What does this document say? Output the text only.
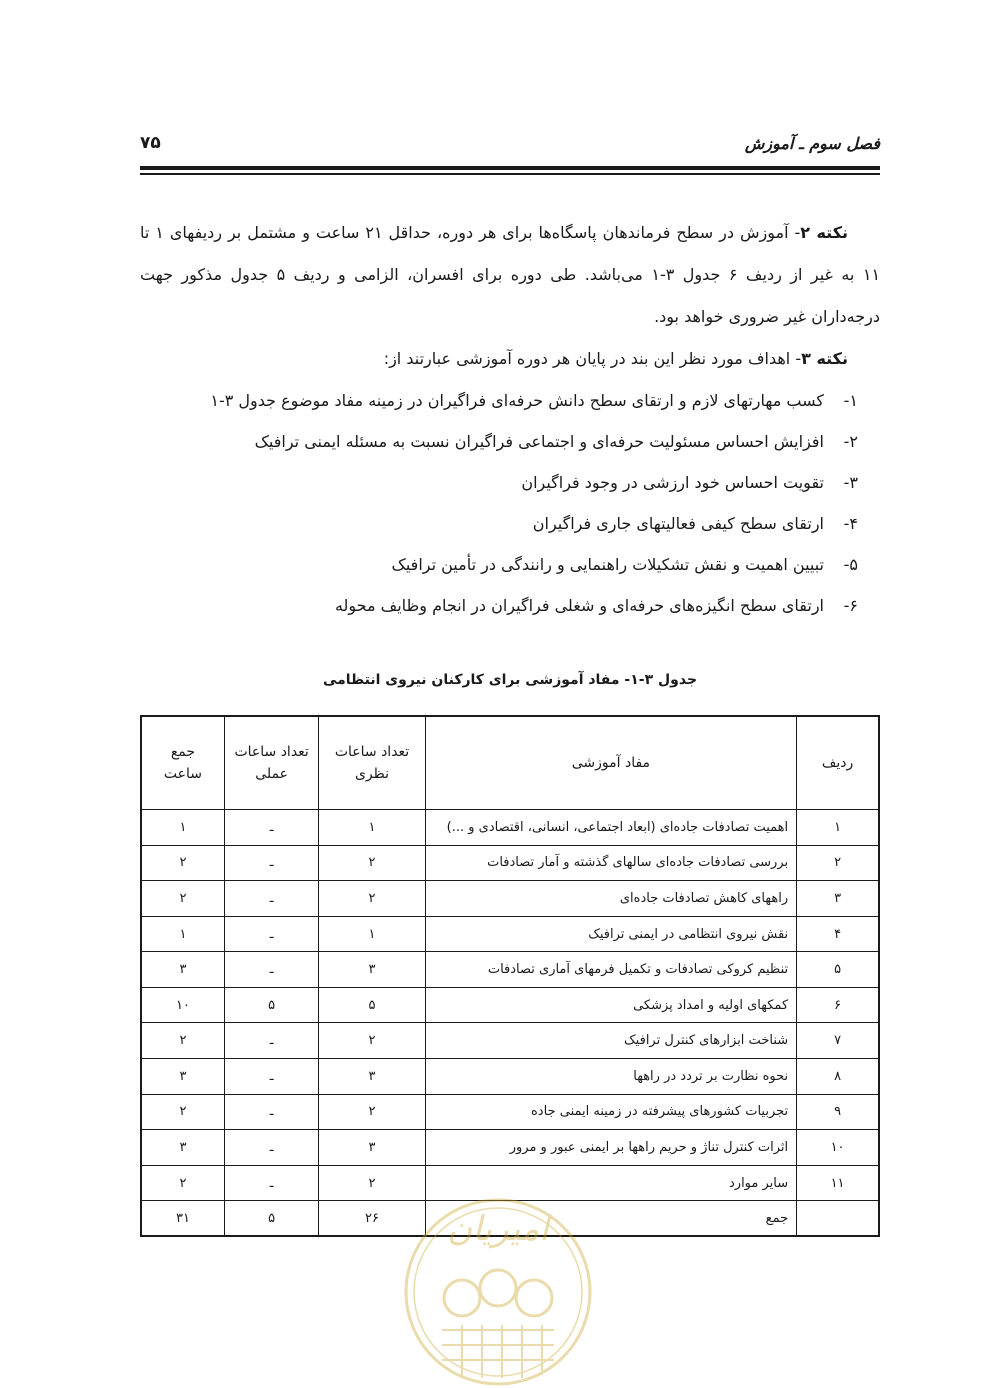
فصل سوم ـ آموزش
۷۵

نکته ۲- آموزش در سطح فرماندهان پاسگاه‌ها برای هر دوره، حداقل ۲۱ ساعت و مشتمل بر ردیفهای ۱ تا ۱۱ به غیر از ردیف ۶ جدول ۳-۱ می‌باشد. طی دوره برای افسران، الزامی و ردیف ۵ جدول مذکور جهت درجه‌داران غیر ضروری خواهد بود.

نکته ۳- اهداف مورد نظر این بند در پایان هر دوره آموزشی عبارتند از:

۱-کسب مهارتهای لازم و ارتقای سطح دانش حرفه‌ای فراگیران در زمینه مفاد موضوع جدول ۳-۱
۲-افزایش احساس مسئولیت حرفه‌ای و اجتماعی فراگیران نسبت به مسئله ایمنی ترافیک
۳-تقویت احساس خود ارزشی در وجود فراگیران
۴-ارتقای سطح کیفی فعالیتهای جاری فراگیران
۵-تبیین اهمیت و نقش تشکیلات راهنمایی و رانندگی در تأمین ترافیک
۶-ارتقای سطح انگیزه‌های حرفه‌ای و شغلی فراگیران در انجام وظایف محوله
جدول ۳-۱- مفاد آموزشی برای کارکنان نیروی انتظامی
ردیف	مفاد آموزشی	تعداد ساعات نظری	تعداد ساعات عملی	جمع ساعت
۱	اهمیت تصادفات جاده‌ای (ابعاد اجتماعی، انسانی، اقتصادی و ...)	۱	ـ	۱
۲	بررسی تصادفات جاده‌ای سالهای گذشته و آمار تصادفات	۲	ـ	۲
۳	راههای کاهش تصادفات جاده‌ای	۲	ـ	۲
۴	نقش نیروی انتظامی در ایمنی ترافیک	۱	ـ	۱
۵	تنظیم کروکی تصادفات و تکمیل فرمهای آماری تصادفات	۳	ـ	۳
۶	کمکهای اولیه و امداد پزشکی	۵	۵	۱۰
۷	شناخت ابزارهای کنترل ترافیک	۲	ـ	۲
۸	نحوه نظارت بر تردد در راهها	۳	ـ	۳
۹	تجربیات کشورهای پیشرفته در زمینه ایمنی جاده	۲	ـ	۲
۱۰	اثرات کنترل تناژ و حریم راهها بر ایمنی عبور و مرور	۳	ـ	۳
۱۱	سایر موارد	۲	ـ	۲
	جمع	۲۶	۵	۳۱	امیریان
